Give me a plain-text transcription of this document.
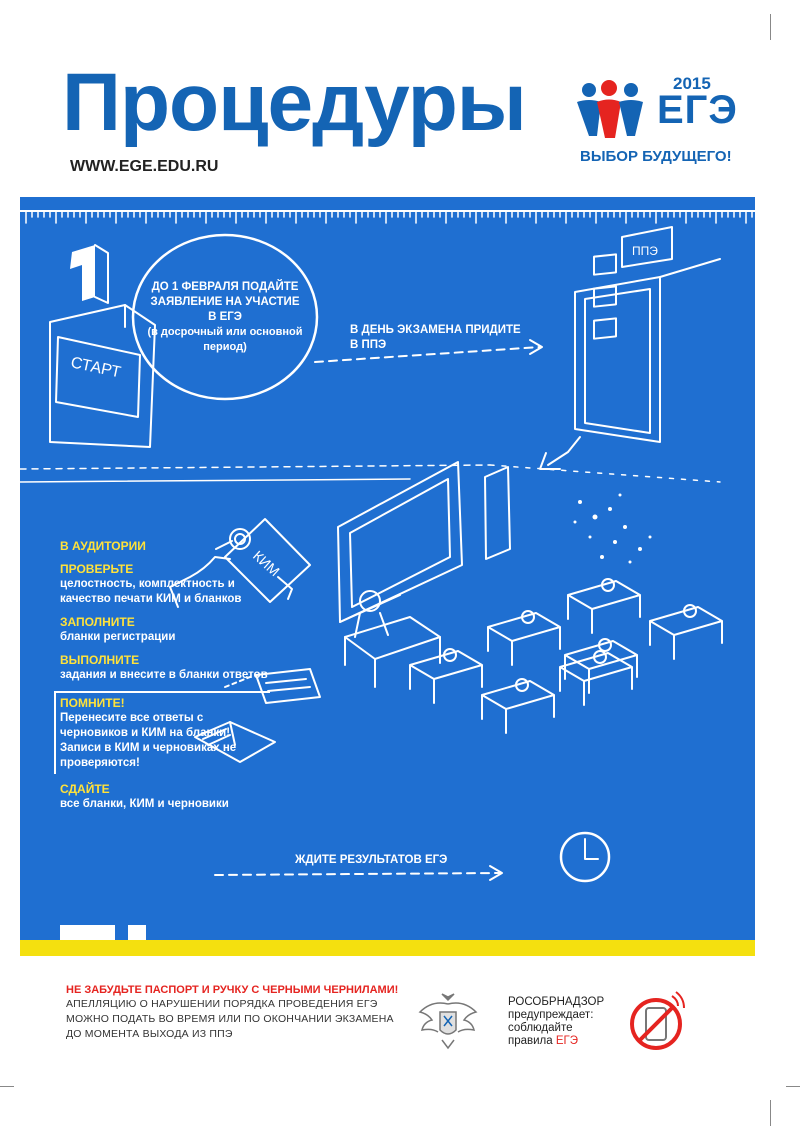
Процедуры
WWW.EGE.EDU.RU
2015
ЕГЭ
ВЫБОР БУДУЩЕГО!
СТАРТ
ППЭ
КИМ
ДО 1 ФЕВРАЛЯ ПОДАЙТЕ ЗАЯВЛЕНИЕ НА УЧАСТИЕ В ЕГЭ
(в досрочный или основной период)
В ДЕНЬ ЭКЗАМЕНА ПРИДИТЕ В ППЭ
В АУДИТОРИИ
ПРОВЕРЬТЕ
целостность, комплектность и качество печати КИМ и бланков
ЗАПОЛНИТЕ
бланки регистрации
ВЫПОЛНИТЕ
задания и внесите в бланки ответов
ПОМНИТЕ!
Перенесите все ответы с черновиков и КИМ на бланки! Записи в КИМ и черновиках не проверяются!
СДАЙТЕ
все бланки, КИМ и черновики
ЖДИТЕ РЕЗУЛЬТАТОВ ЕГЭ
НЕ ЗАБУДЬТЕ ПАСПОРТ И РУЧКУ С ЧЕРНЫМИ ЧЕРНИЛАМИ!
АПЕЛЛЯЦИЮ О НАРУШЕНИИ ПОРЯДКА ПРОВЕДЕНИЯ ЕГЭ МОЖНО ПОДАТЬ ВО ВРЕМЯ ИЛИ ПО ОКОНЧАНИИ ЭКЗАМЕНА ДО МОМЕНТА ВЫХОДА ИЗ ППЭ
РОСОБРНАДЗОР
предупреждает:
соблюдайте
правила ЕГЭ
